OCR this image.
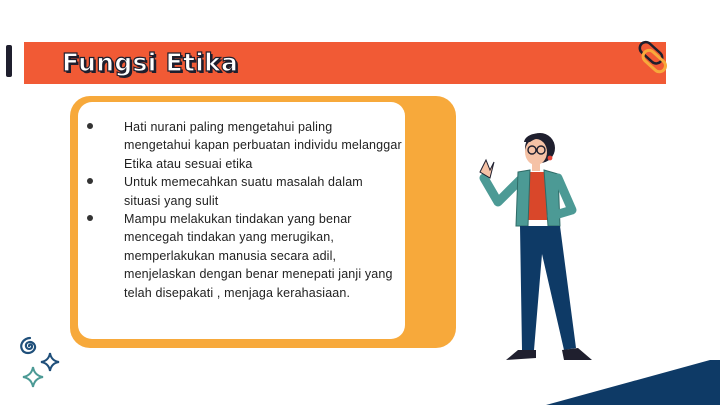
Fungsi Etika
Hati nurani paling mengetahui paling mengetahui kapan perbuatan individu melanggar Etika atau sesuai etika
Untuk memecahkan suatu masalah dalam situasi yang sulit
Mampu melakukan tindakan yang benar mencegah tindakan yang merugikan, memperlakukan manusia secara adil, menjelaskan dengan benar menepati janji yang telah disepakati , menjaga kerahasiaan.
